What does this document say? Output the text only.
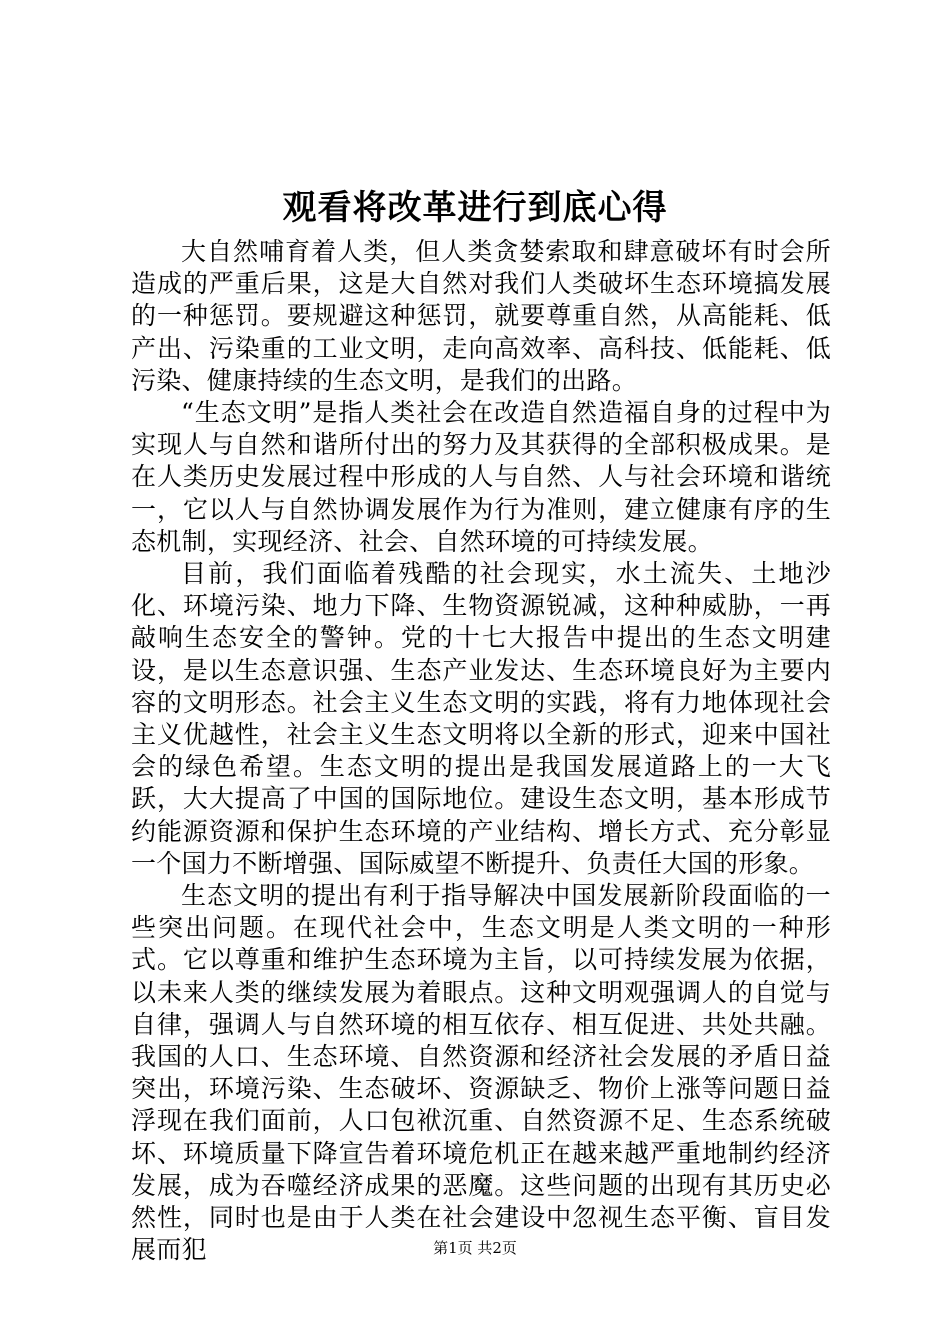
观看将改革进行到底心得

大自然哺育着人类，但人类贪婪索取和肆意破坏有时会所造成的严重后果，这是大自然对我们人类破坏生态环境搞发展的一种惩罚。要规避这种惩罚，就要尊重自然，从高能耗、低产出、污染重的工业文明，走向高效率、高科技、低能耗、低污染、健康持续的生态文明，是我们的出路。

“生态文明”是指人类社会在改造自然造福自身的过程中为实现人与自然和谐所付出的努力及其获得的全部积极成果。是在人类历史发展过程中形成的人与自然、人与社会环境和谐统一，它以人与自然协调发展作为行为准则，建立健康有序的生态机制，实现经济、社会、自然环境的可持续发展。

目前，我们面临着残酷的社会现实，水土流失、土地沙化、环境污染、地力下降、生物资源锐减，这种种威胁，一再敲响生态安全的警钟。党的十七大报告中提出的生态文明建设，是以生态意识强、生态产业发达、生态环境良好为主要内容的文明形态。社会主义生态文明的实践，将有力地体现社会主义优越性，社会主义生态文明将以全新的形式，迎来中国社会的绿色希望。生态文明的提出是我国发展道路上的一大飞跃，大大提高了中国的国际地位。建设生态文明，基本形成节约能源资源和保护生态环境的产业结构、增长方式、充分彰显一个国力不断增强、国际威望不断提升、负责任大国的形象。

生态文明的提出有利于指导解决中国发展新阶段面临的一些突出问题。在现代社会中，生态文明是人类文明的一种形式。它以尊重和维护生态环境为主旨，以可持续发展为依据，以未来人类的继续发展为着眼点。这种文明观强调人的自觉与自律，强调人与自然环境的相互依存、相互促进、共处共融。我国的人口、生态环境、自然资源和经济社会发展的矛盾日益突出，环境污染、生态破坏、资源缺乏、物价上涨等问题日益浮现在我们面前，人口包袱沉重、自然资源不足、生态系统破坏、环境质量下降宣告着环境危机正在越来越严重地制约经济发展，成为吞噬经济成果的恶魔。这些问题的出现有其历史必然性，同时也是由于人类在社会建设中忽视生态平衡、盲目发展而犯	第1页 共2页
